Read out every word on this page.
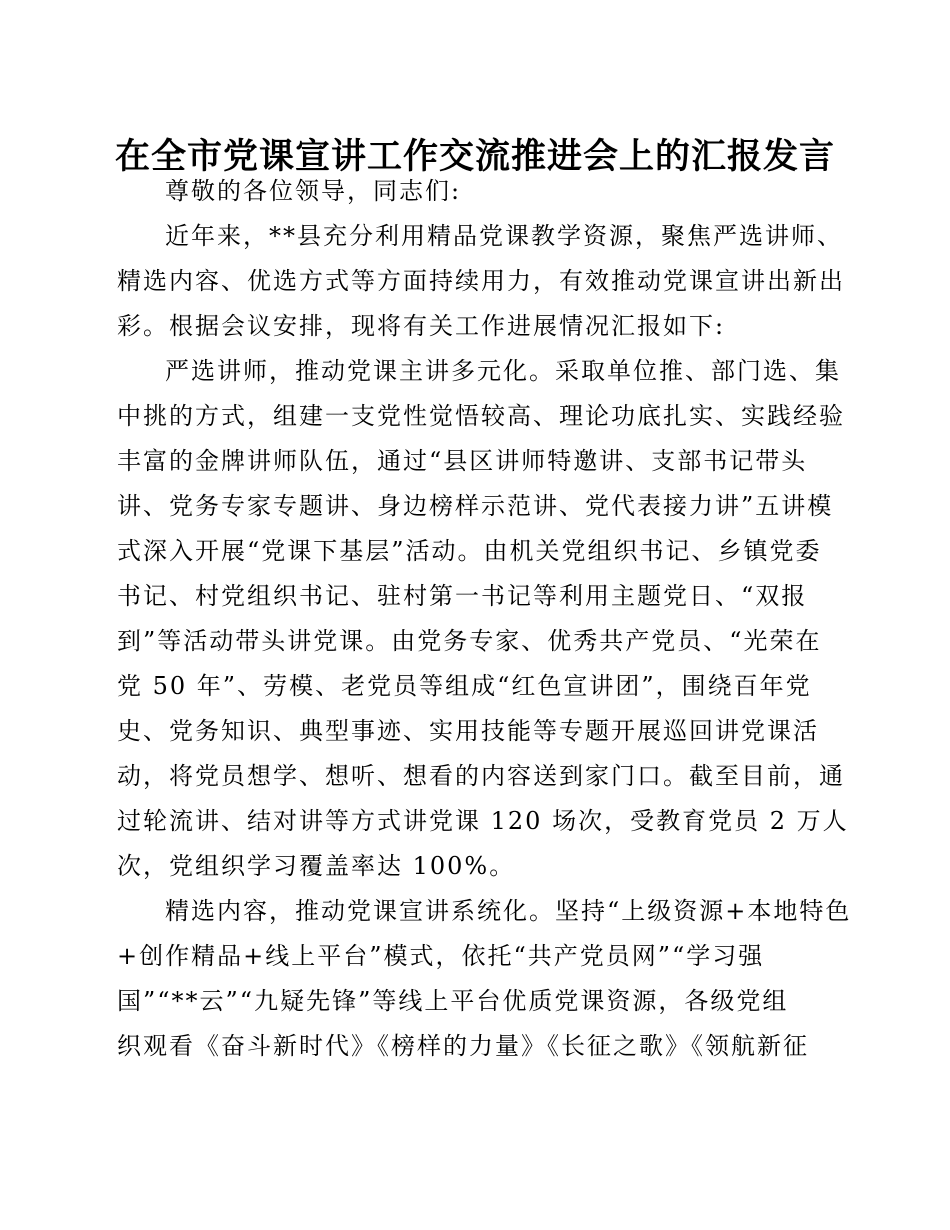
在全市党课宣讲工作交流推进会上的汇报发言
尊敬的各位领导，同志们:
近年来，**县充分利用精品党课教学资源，聚焦严选讲师、
精选内容、优选方式等方面持续用力，有效推动党课宣讲出新出
彩。根据会议安排，现将有关工作进展情况汇报如下:
严选讲师，推动党课主讲多元化。采取单位推、部门选、集
中挑的方式，组建一支党性觉悟较高、理论功底扎实、实践经验
丰富的金牌讲师队伍，通过“县区讲师特邀讲、支部书记带头
讲、党务专家专题讲、身边榜样示范讲、党代表接力讲”五讲模
式深入开展“党课下基层”活动。由机关党组织书记、乡镇党委
书记、村党组织书记、驻村第一书记等利用主题党日、“双报
到”等活动带头讲党课。由党务专家、优秀共产党员、“光荣在
党 50 年”、劳模、老党员等组成“红色宣讲团”，围绕百年党
史、党务知识、典型事迹、实用技能等专题开展巡回讲党课活
动，将党员想学、想听、想看的内容送到家门口。截至目前，通
过轮流讲、结对讲等方式讲党课 120 场次，受教育党员 2 万人
次，党组织学习覆盖率达 100%。
精选内容，推动党课宣讲系统化。坚持“上级资源+本地特色
+创作精品+线上平台”模式，依托“共产党员网”“学习强
国”“**云”“九疑先锋”等线上平台优质党课资源，各级党组
织观看《奋斗新时代》《榜样的力量》《长征之歌》《领航新征
